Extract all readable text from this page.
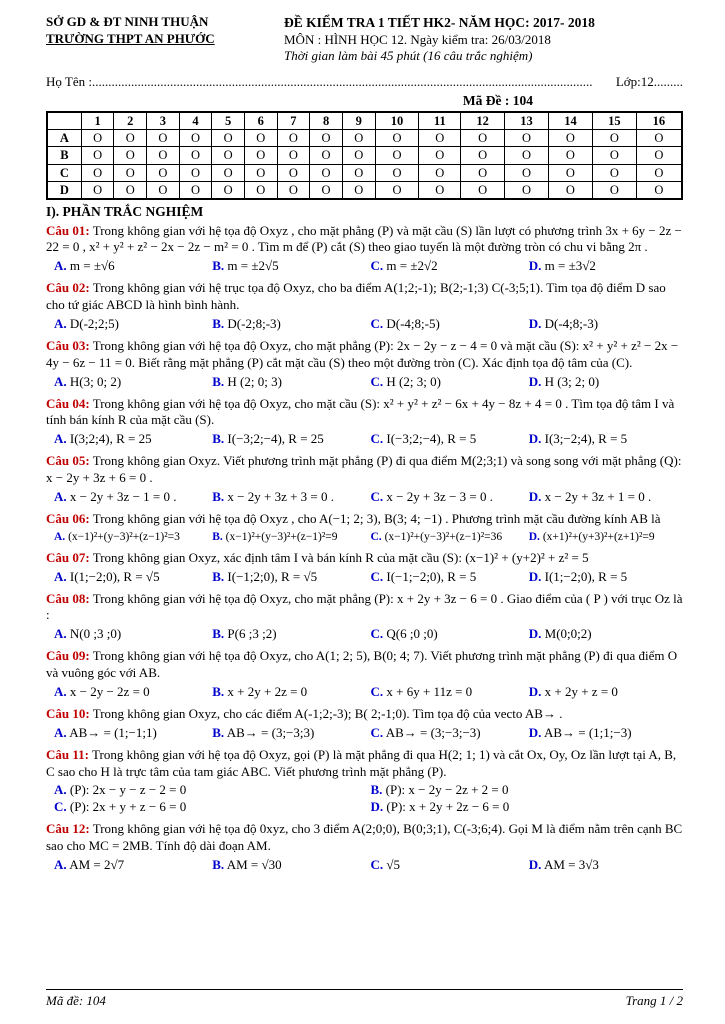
SỞ GD & ĐT NINH THUẬN
TRƯỜNG THPT AN PHƯỚC
ĐỀ KIỂM TRA 1 TIẾT HK2- NĂM HỌC: 2017- 2018
MÔN : HÌNH HỌC 12. Ngày kiểm tra: 26/03/2018
Thời gian làm bài 45 phút (16 câu trắc nghiệm)
Họ Tên : ..........................................................................................................................................................	Lớp:12.........
Mã Đề : 104
	1	2	3	4	5	6	7	8	9	10	11	12	13	14	15	16
A	O	O	O	O	O	O	O	O	O	O	O	O	O	O	O	O
B	O	O	O	O	O	O	O	O	O	O	O	O	O	O	O	O
C	O	O	O	O	O	O	O	O	O	O	O	O	O	O	O	O
D	O	O	O	O	O	O	O	O	O	O	O	O	O	O	O	O
I). PHẦN TRẮC NGHIỆM
Câu 01: Trong không gian với hệ tọa độ Oxyz , cho mặt phẳng (P) và mặt cầu (S) lần lượt có phương trình 3x + 6y − 2z − 22 = 0 , x² + y² + z² − 2x − 2z − m² = 0 . Tìm m để (P) cắt (S) theo giao tuyến là một đường tròn có chu vi bằng 2π .
A. m = ±√6	B. m = ±2√5	C. m = ±2√2	D. m = ±3√2
Câu 02: Trong không gian với hệ trục tọa độ Oxyz, cho ba điểm A(1;2;-1); B(2;-1;3) C(-3;5;1). Tìm tọa độ điểm D sao cho tứ giác ABCD là hình bình hành.
A. D(-2;2;5)	B. D(-2;8;-3)	C. D(-4;8;-5)	D. D(-4;8;-3)
Câu 03: Trong không gian với hệ tọa độ Oxyz, cho mặt phẳng (P): 2x − 2y − z − 4 = 0 và mặt cầu (S): x² + y² + z² − 2x − 4y − 6z − 11 = 0. Biết rằng mặt phẳng (P) cắt mặt cầu (S) theo một đường tròn (C). Xác định tọa độ tâm của (C).
A. H(3; 0; 2)	B. H (2; 0; 3)	C. H (2; 3; 0)	D. H (3; 2; 0)
Câu 04: Trong không gian với hệ tọa độ Oxyz, cho mặt cầu (S): x² + y² + z² − 6x + 4y − 8z + 4 = 0 . Tìm tọa độ tâm I và tính bán kính R của mặt cầu (S).
A. I(3;2;4), R = 25	B. I(−3;2;−4), R = 25	C. I(−3;2;−4), R = 5	D. I(3;−2;4), R = 5
Câu 05: Trong không gian Oxyz. Viết phương trình mặt phẳng (P) đi qua điểm M(2;3;1) và song song với mặt phẳng (Q): x − 2y + 3z + 6 = 0 .
A. x − 2y + 3z − 1 = 0 .	B. x − 2y + 3z + 3 = 0 .	C. x − 2y + 3z − 3 = 0 .	D. x − 2y + 3z + 1 = 0 .
Câu 06: Trong không gian với hệ tọa độ Oxyz , cho A(−1; 2; 3), B(3; 4; −1) . Phương trình mặt cầu đường kính AB là
A. (x−1)²+(y−3)²+(z−1)²=3	B. (x−1)²+(y−3)²+(z−1)²=9	C. (x−1)²+(y−3)²+(z−1)²=36	D. (x+1)²+(y+3)²+(z+1)²=9
Câu 07: Trong không gian Oxyz, xác định tâm I và bán kính R của mặt cầu (S): (x−1)² + (y+2)² + z² = 5
A. I(1;−2;0), R = √5	B. I(−1;2;0), R = √5	C. I(−1;−2;0), R = 5	D. I(1;−2;0), R = 5
Câu 08: Trong không gian với hệ tọa độ Oxyz, cho mặt phẳng (P): x + 2y + 3z − 6 = 0 . Giao điểm của ( P ) với trục Oz là :
A. N(0 ;3 ;0)	B. P(6 ;3 ;2)	C. Q(6 ;0 ;0)	D. M(0;0;2)
Câu 09: Trong không gian với hệ tọa độ Oxyz, cho A(1; 2; 5), B(0; 4; 7). Viết phương trình mặt phẳng (P) đi qua điểm O và vuông góc với AB.
A. x − 2y − 2z = 0	B. x + 2y + 2z = 0	C. x + 6y + 11z = 0	D. x + 2y + z = 0
Câu 10: Trong không gian Oxyz, cho các điểm A(-1;2;-3); B( 2;-1;0). Tìm tọa độ của vecto AB→ .
A. AB→ = (1;−1;1)	B. AB→ = (3;−3;3)	C. AB→ = (3;−3;−3)	D. AB→ = (1;1;−3)
Câu 11: Trong không gian với hệ tọa độ Oxyz, gọi (P) là mặt phẳng đi qua H(2; 1; 1) và cắt Ox, Oy, Oz lần lượt tại A, B, C sao cho H là trực tâm của tam giác ABC. Viết phương trình mặt phẳng (P).
A. (P): 2x − y − z − 2 = 0	B. (P): x − 2y − 2z + 2 = 0
C. (P): 2x + y + z − 6 = 0	D. (P): x + 2y + 2z − 6 = 0
Câu 12: Trong không gian với hệ tọa độ 0xyz, cho 3 điểm A(2;0;0), B(0;3;1), C(-3;6;4). Gọi M là điểm nằm trên cạnh BC sao cho MC = 2MB. Tính độ dài đoạn AM.
A. AM = 2√7	B. AM = √30	C. √5	D. AM = 3√3
Mã đề: 104	Trang 1 / 2
